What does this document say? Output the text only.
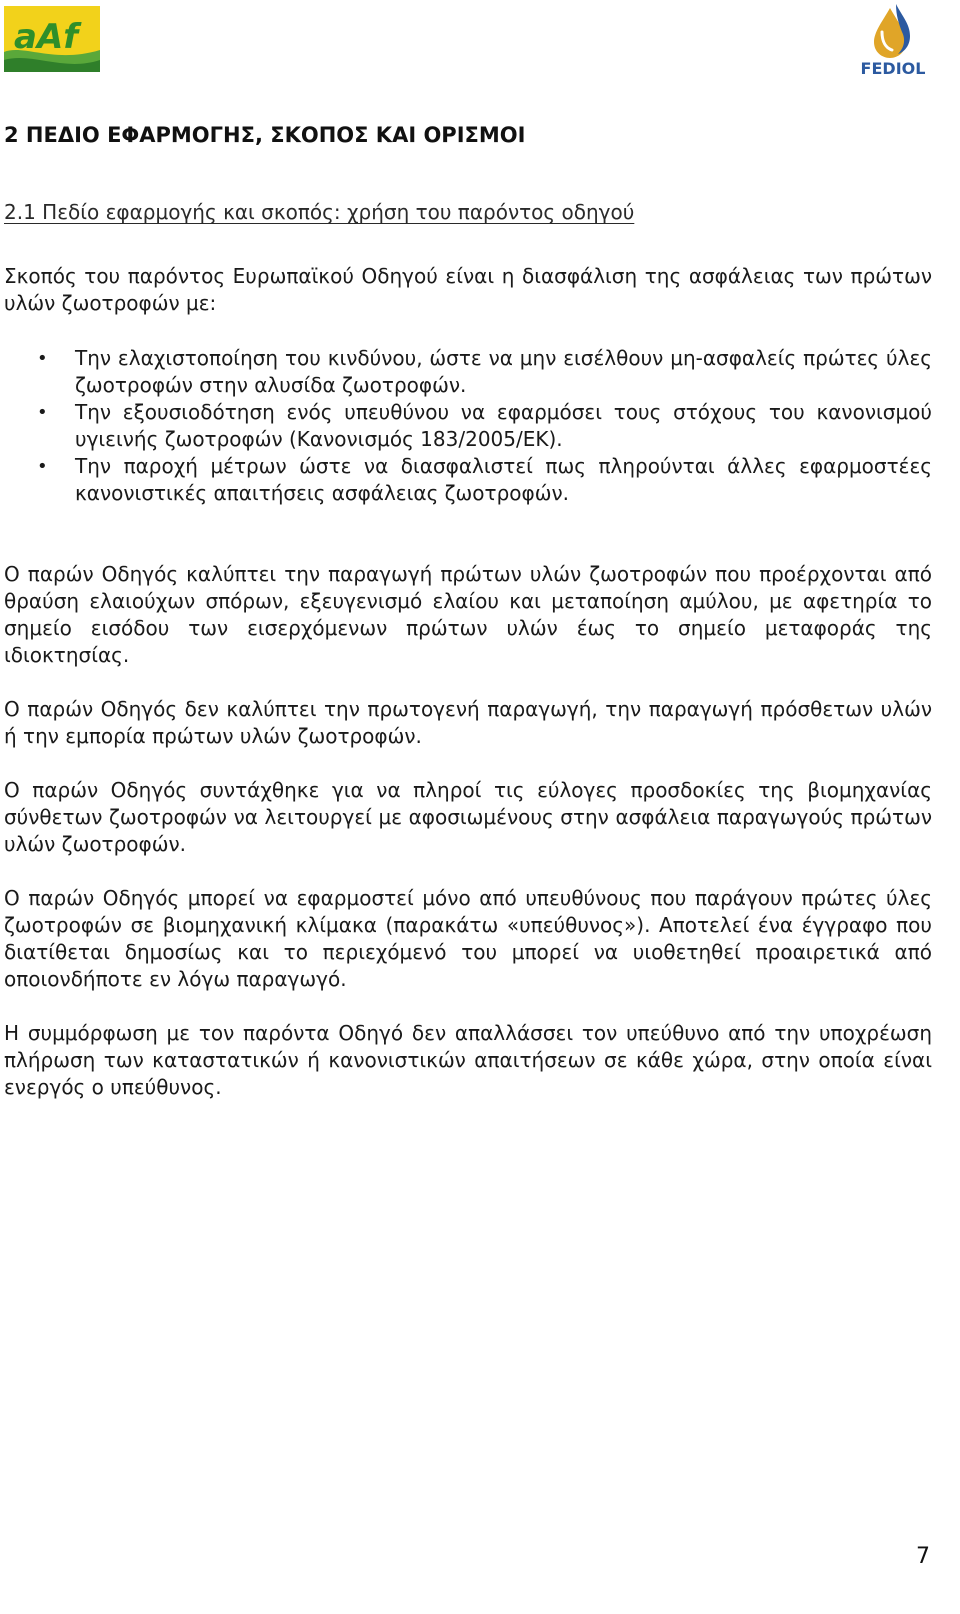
aAf
FEDIOL
2 ΠΕΔΙΟ ΕΦΑΡΜΟΓΗΣ, ΣΚΟΠΟΣ ΚΑΙ ΟΡΙΣΜΟΙ
2.1 Πεδίο εφαρμογής και σκοπός: χρήση του παρόντος οδηγού

Σκοπός του παρόντος Ευρωπαϊκού Οδηγού είναι η διασφάλιση της ασφάλειας των πρώτων υλών ζωοτροφών με:

• Την ελαχιστοποίηση του κινδύνου, ώστε να μην εισέλθουν μη-ασφαλείς πρώτες ύλες ζωοτροφών στην αλυσίδα ζωοτροφών.
• Την εξουσιοδότηση ενός υπευθύνου να εφαρμόσει τους στόχους του κανονισμού υγιεινής ζωοτροφών (Κανονισμός 183/2005/ΕΚ).
• Την παροχή μέτρων ώστε να διασφαλιστεί πως πληρούνται άλλες εφαρμοστέες κανονιστικές απαιτήσεις ασφάλειας ζωοτροφών.

Ο παρών Οδηγός καλύπτει την παραγωγή πρώτων υλών ζωοτροφών που προέρχονται από θραύση ελαιούχων σπόρων, εξευγενισμό ελαίου και μεταποίηση αμύλου, με αφετηρία το σημείο εισόδου των εισερχόμενων πρώτων υλών έως το σημείο μεταφοράς της ιδιοκτησίας.

Ο παρών Οδηγός δεν καλύπτει την πρωτογενή παραγωγή, την παραγωγή πρόσθετων υλών ή την εμπορία πρώτων υλών ζωοτροφών.

Ο παρών Οδηγός συντάχθηκε για να πληροί τις εύλογες προσδοκίες της βιομηχανίας σύνθετων ζωοτροφών να λειτουργεί με αφοσιωμένους στην ασφάλεια παραγωγούς πρώτων υλών ζωοτροφών.

Ο παρών Οδηγός μπορεί να εφαρμοστεί μόνο από υπευθύνους που παράγουν πρώτες ύλες ζωοτροφών σε βιομηχανική κλίμακα (παρακάτω «υπεύθυνος»). Αποτελεί ένα έγγραφο που διατίθεται δημοσίως και το περιεχόμενό του μπορεί να υιοθετηθεί προαιρετικά από οποιονδήποτε εν λόγω παραγωγό.

Η συμμόρφωση με τον παρόντα Οδηγό δεν απαλλάσσει τον υπεύθυνο από την υποχρέωση πλήρωση των καταστατικών ή κανονιστικών απαιτήσεων σε κάθε χώρα, στην οποία είναι ενεργός ο υπεύθυνος.

7
